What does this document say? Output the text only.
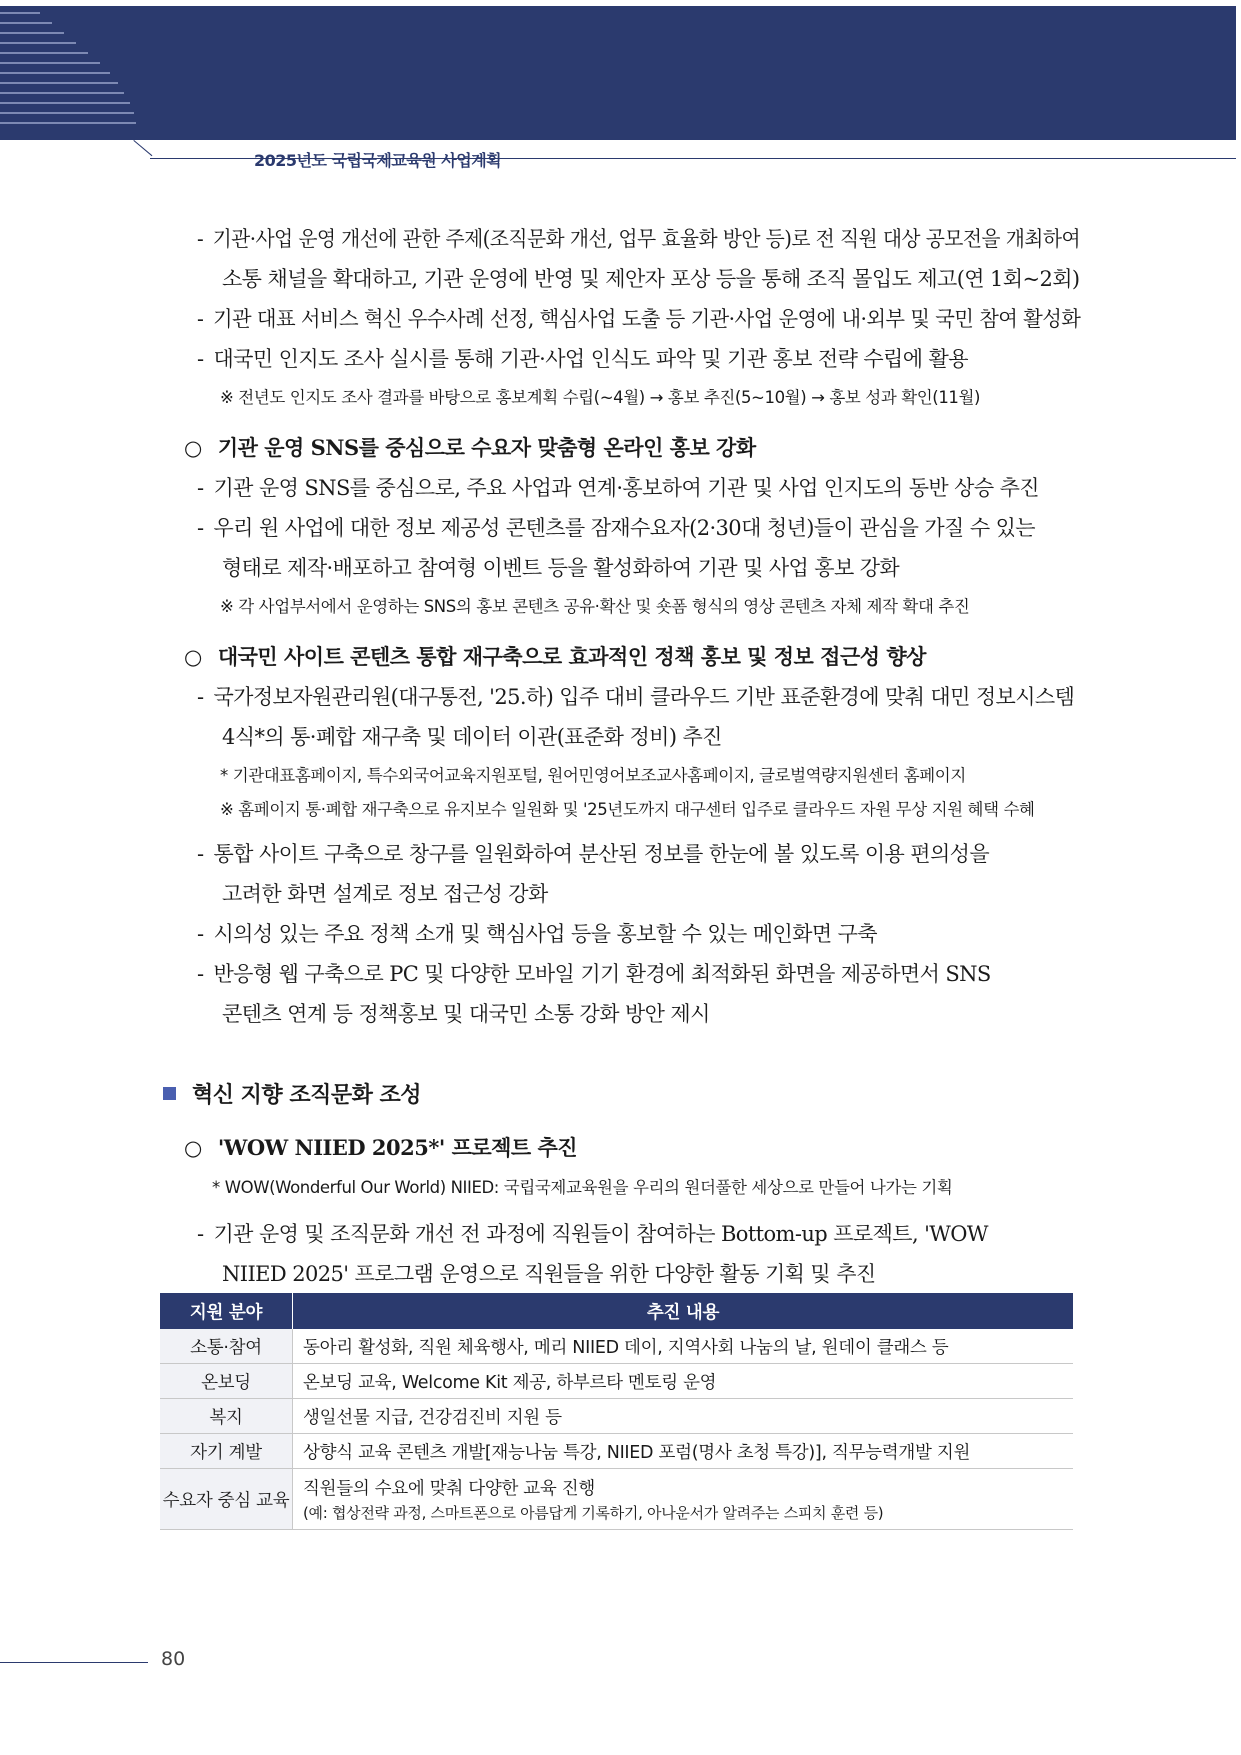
2025년도 국립국제교육원 사업계획
- 기관·사업 운영 개선에 관한 주제(조직문화 개선, 업무 효율화 방안 등)로 전 직원 대상 공모전을 개최하여
소통 채널을 확대하고, 기관 운영에 반영 및 제안자 포상 등을 통해 조직 몰입도 제고(연 1회~2회)
- 기관 대표 서비스 혁신 우수사례 선정, 핵심사업 도출 등 기관·사업 운영에 내·외부 및 국민 참여 활성화
- 대국민 인지도 조사 실시를 통해 기관·사업 인식도 파악 및 기관 홍보 전략 수립에 활용
※ 전년도 인지도 조사 결과를 바탕으로 홍보계획 수립(~4월) → 홍보 추진(5~10월) → 홍보 성과 확인(11월)
○ 기관 운영 SNS를 중심으로 수요자 맞춤형 온라인 홍보 강화
- 기관 운영 SNS를 중심으로, 주요 사업과 연계·홍보하여 기관 및 사업 인지도의 동반 상승 추진
- 우리 원 사업에 대한 정보 제공성 콘텐츠를 잠재수요자(2·30대 청년)들이 관심을 가질 수 있는
형태로 제작·배포하고 참여형 이벤트 등을 활성화하여 기관 및 사업 홍보 강화
※ 각 사업부서에서 운영하는 SNS의 홍보 콘텐츠 공유·확산 및 숏폼 형식의 영상 콘텐츠 자체 제작 확대 추진
○ 대국민 사이트 콘텐츠 통합 재구축으로 효과적인 정책 홍보 및 정보 접근성 향상
- 국가정보자원관리원(대구통전, '25.하) 입주 대비 클라우드 기반 표준환경에 맞춰 대민 정보시스템
4식*의 통·폐합 재구축 및 데이터 이관(표준화 정비) 추진
* 기관대표홈페이지, 특수외국어교육지원포털, 원어민영어보조교사홈페이지, 글로벌역량지원센터 홈페이지
※ 홈페이지 통·폐합 재구축으로 유지보수 일원화 및 '25년도까지 대구센터 입주로 클라우드 자원 무상 지원 혜택 수혜
- 통합 사이트 구축으로 창구를 일원화하여 분산된 정보를 한눈에 볼 있도록 이용 편의성을
고려한 화면 설계로 정보 접근성 강화
- 시의성 있는 주요 정책 소개 및 핵심사업 등을 홍보할 수 있는 메인화면 구축
- 반응형 웹 구축으로 PC 및 다양한 모바일 기기 환경에 최적화된 화면을 제공하면서 SNS
콘텐츠 연계 등 정책홍보 및 대국민 소통 강화 방안 제시
혁신 지향 조직문화 조성
○ 'WOW NIIED 2025*' 프로젝트 추진
* WOW(Wonderful Our World) NIIED: 국립국제교육원을 우리의 원더풀한 세상으로 만들어 나가는 기획
- 기관 운영 및 조직문화 개선 전 과정에 직원들이 참여하는 Bottom-up 프로젝트, 'WOW
NIIED 2025' 프로그램 운영으로 직원들을 위한 다양한 활동 기획 및 추진
지원 분야	추진 내용
소통·참여	동아리 활성화, 직원 체육행사, 메리 NIIED 데이, 지역사회 나눔의 날, 원데이 클래스 등
온보딩	온보딩 교육, Welcome Kit 제공, 하부르타 멘토링 운영
복지	생일선물 지급, 건강검진비 지원 등
자기 계발	상향식 교육 콘텐츠 개발[재능나눔 특강, NIIED 포럼(명사 초청 특강)], 직무능력개발 지원
수요자 중심 교육	직원들의 수요에 맞춰 다양한 교육 진행
(예: 협상전략 과정, 스마트폰으로 아름답게 기록하기, 아나운서가 알려주는 스피치 훈련 등)
80
